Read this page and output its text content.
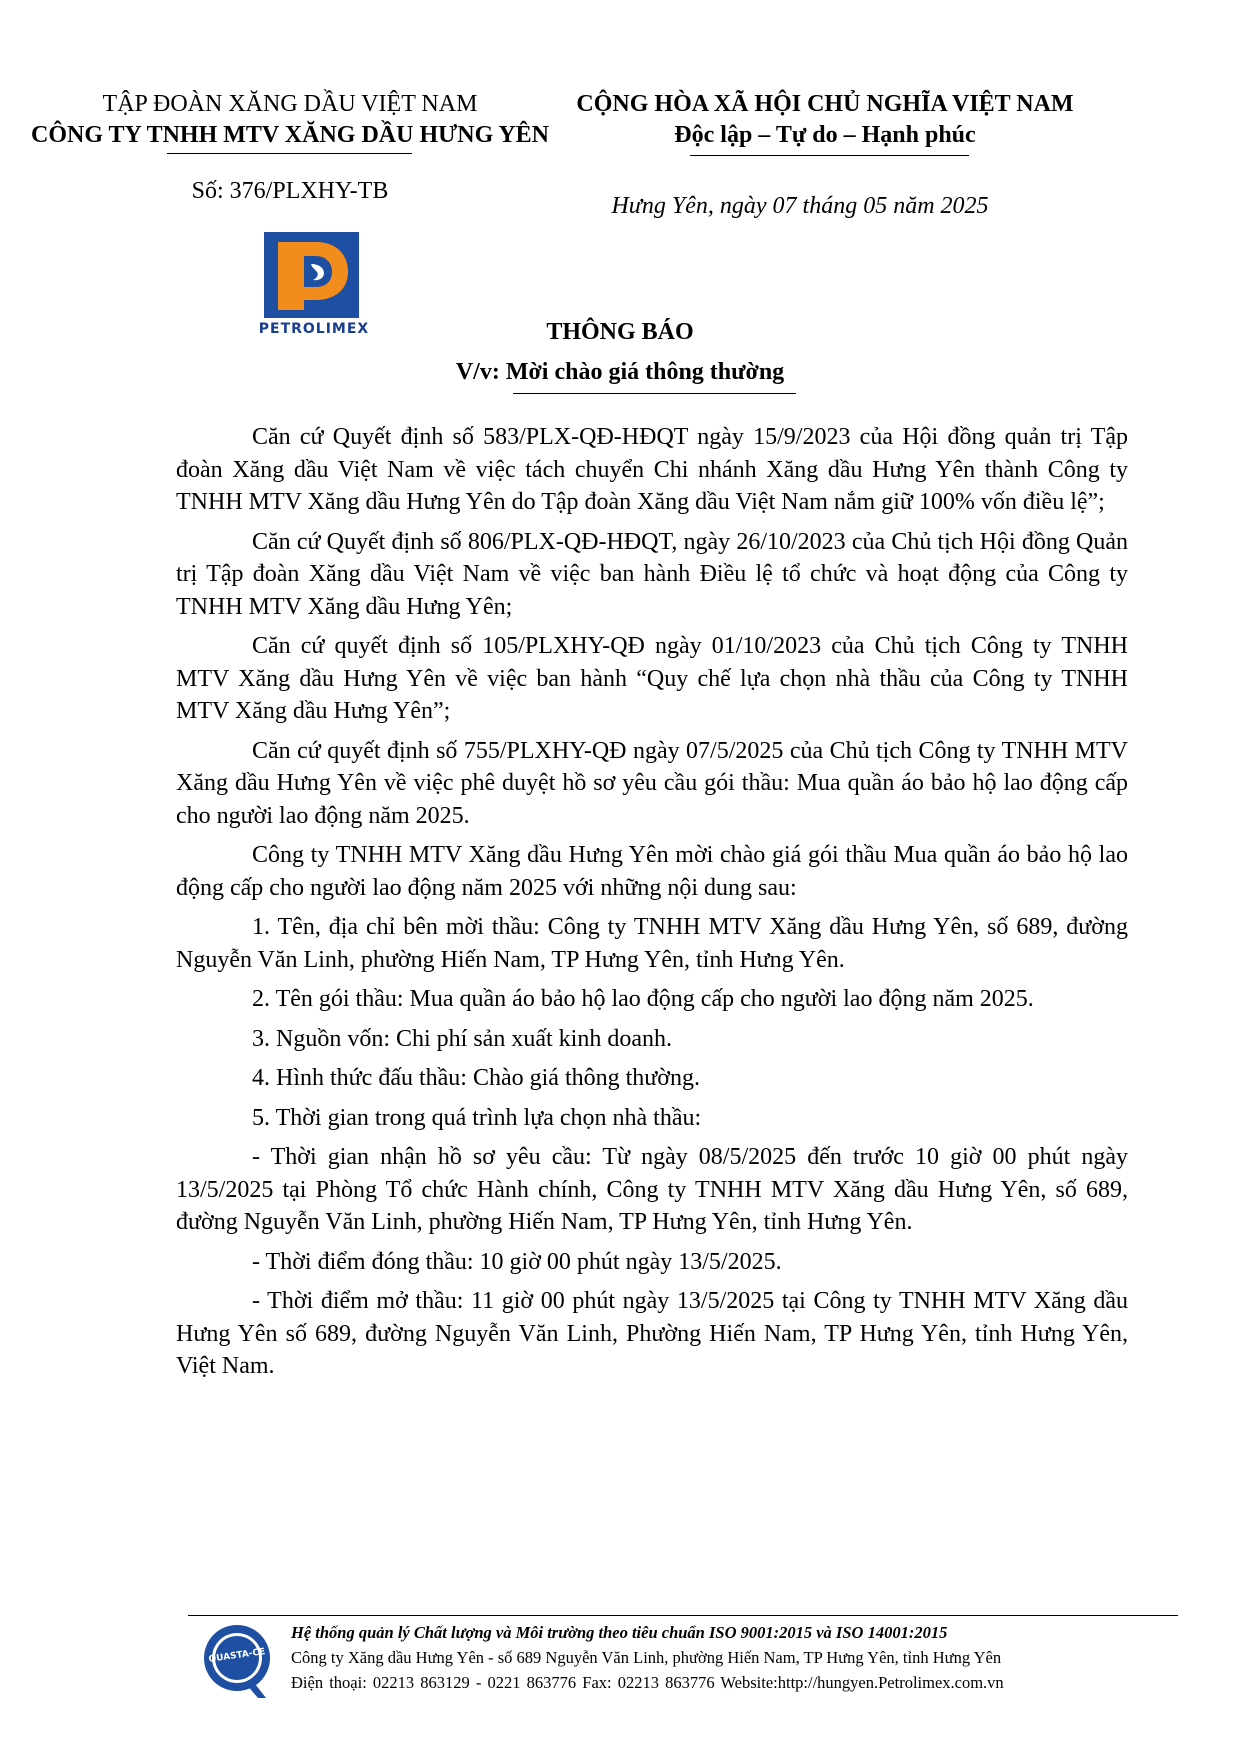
TẬP ĐOÀN XĂNG DẦU VIỆT NAM
CÔNG TY TNHH MTV XĂNG DẦU HƯNG YÊN
Số: 376/PLXHY-TB
CỘNG HÒA XÃ HỘI CHỦ NGHĨA VIỆT NAM
Độc lập – Tự do – Hạnh phúc
Hưng Yên, ngày 07 tháng 05 năm 2025
PETROLIMEX	THÔNG BÁO
V/v: Mời chào giá thông thường

Căn cứ Quyết định số 583/PLX-QĐ-HĐQT ngày 15/9/2023 của Hội đồng quản trị Tập đoàn Xăng dầu Việt Nam về việc tách chuyển Chi nhánh Xăng dầu Hưng Yên thành Công ty TNHH MTV Xăng dầu Hưng Yên do Tập đoàn Xăng dầu Việt Nam nắm giữ 100% vốn điều lệ”;

Căn cứ Quyết định số 806/PLX-QĐ-HĐQT, ngày 26/10/2023 của Chủ tịch Hội đồng Quản trị Tập đoàn Xăng dầu Việt Nam về việc ban hành Điều lệ tổ chức và hoạt động của Công ty TNHH MTV Xăng dầu Hưng Yên;

Căn cứ quyết định số 105/PLXHY-QĐ ngày 01/10/2023 của Chủ tịch Công ty TNHH MTV Xăng dầu Hưng Yên về việc ban hành “Quy chế lựa chọn nhà thầu của Công ty TNHH MTV Xăng dầu Hưng Yên”;

Căn cứ quyết định số 755/PLXHY-QĐ ngày 07/5/2025 của Chủ tịch Công ty TNHH MTV Xăng dầu Hưng Yên về việc phê duyệt hồ sơ yêu cầu gói thầu: Mua quần áo bảo hộ lao động cấp cho người lao động năm 2025.

Công ty TNHH MTV Xăng dầu Hưng Yên mời chào giá gói thầu Mua quần áo bảo hộ lao động cấp cho người lao động năm 2025 với những nội dung sau:

1. Tên, địa chỉ bên mời thầu: Công ty TNHH MTV Xăng dầu Hưng Yên, số 689, đường Nguyễn Văn Linh, phường Hiến Nam, TP Hưng Yên, tỉnh Hưng Yên.

2. Tên gói thầu: Mua quần áo bảo hộ lao động cấp cho người lao động năm 2025.

3. Nguồn vốn: Chi phí sản xuất kinh doanh.

4. Hình thức đấu thầu: Chào giá thông thường.

5. Thời gian trong quá trình lựa chọn nhà thầu:

- Thời gian nhận hồ sơ yêu cầu: Từ ngày 08/5/2025 đến trước 10 giờ 00 phút ngày 13/5/2025 tại Phòng Tổ chức Hành chính, Công ty TNHH MTV Xăng dầu Hưng Yên, số 689, đường Nguyễn Văn Linh, phường Hiến Nam, TP Hưng Yên, tỉnh Hưng Yên.

- Thời điểm đóng thầu: 10 giờ 00 phút ngày 13/5/2025.

- Thời điểm mở thầu: 11 giờ 00 phút ngày 13/5/2025 tại Công ty TNHH MTV Xăng dầu Hưng Yên số 689, đường Nguyễn Văn Linh, Phường Hiến Nam, TP Hưng Yên, tỉnh Hưng Yên, Việt Nam.

QUASTA-CE
Hệ thống quản lý Chất lượng và Môi trường theo tiêu chuẩn ISO 9001:2015 và ISO 14001:2015
Công ty Xăng dầu Hưng Yên - số 689 Nguyễn Văn Linh, phường Hiến Nam, TP Hưng Yên, tỉnh Hưng Yên
Điện thoại: 02213 863129 - 0221 863776 Fax: 02213 863776 Website:http://hungyen.Petrolimex.com.vn
